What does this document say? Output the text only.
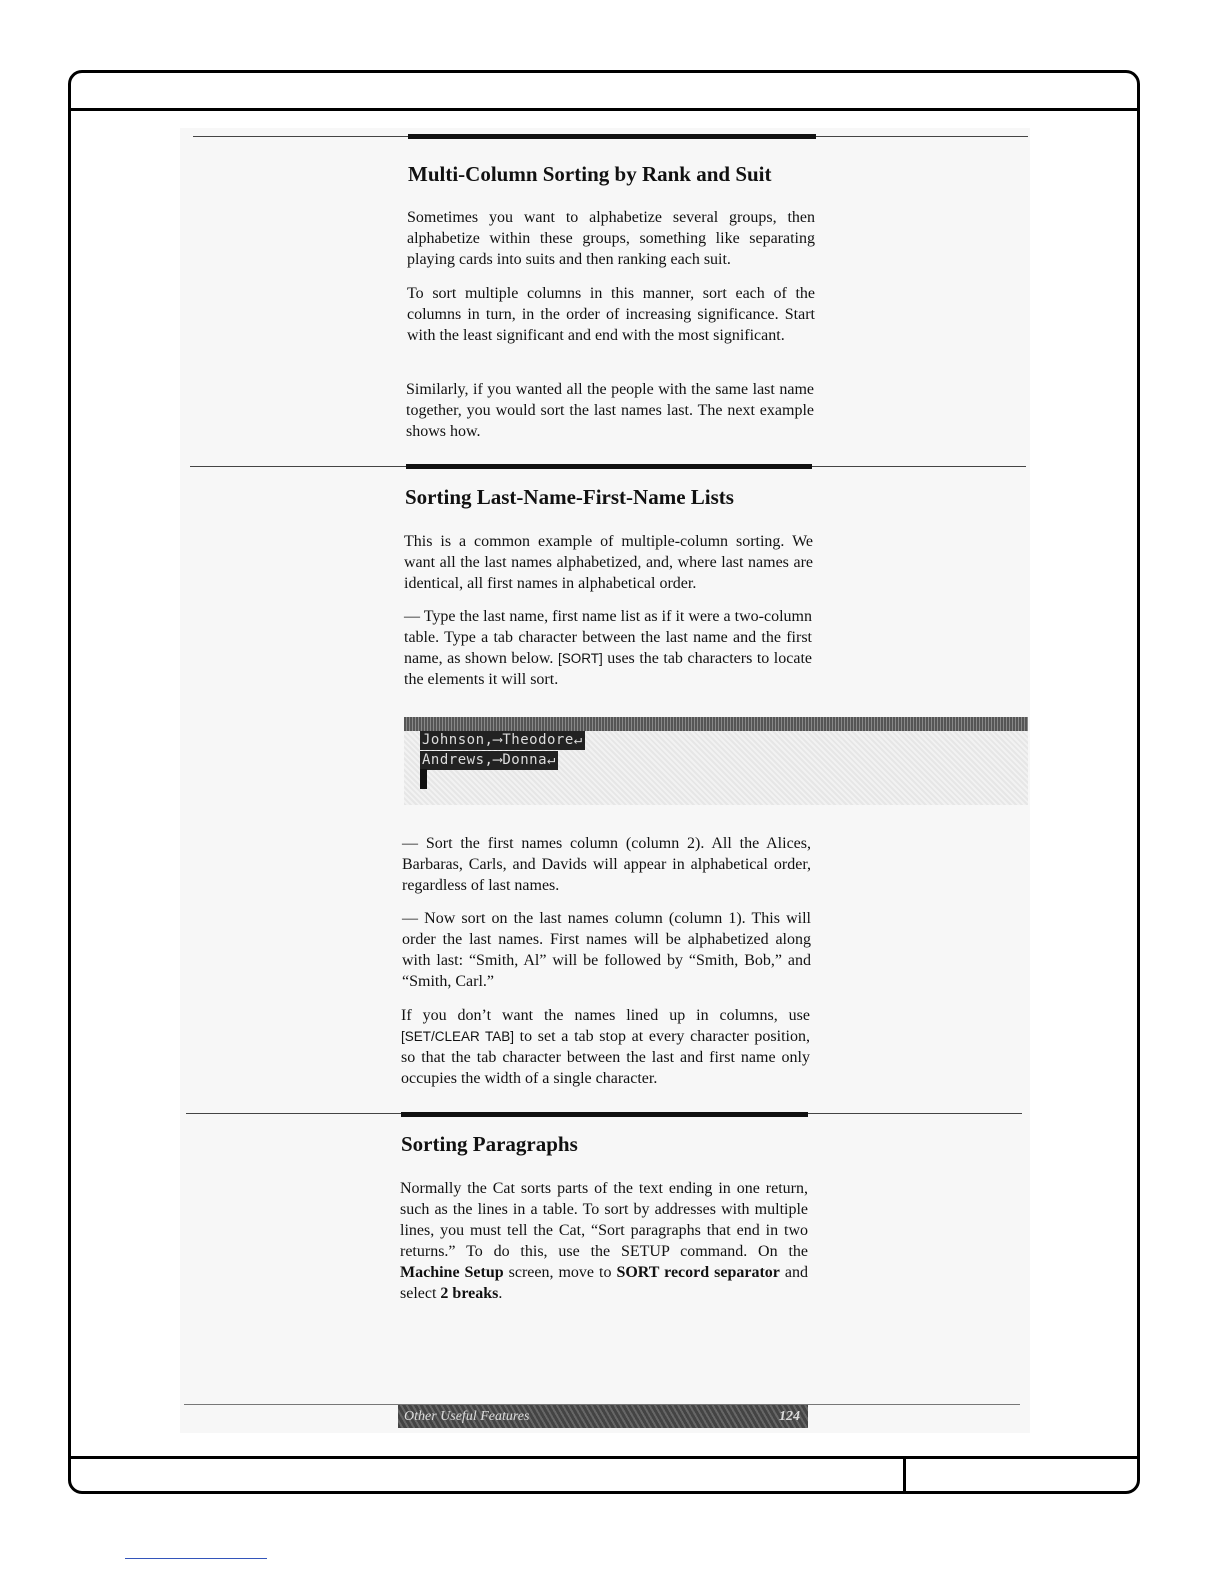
Multi-Column Sorting by Rank and Suit

Sometimes you want to alphabetize several groups, then alphabetize within these groups, something like separating playing cards into suits and then ranking each suit.

To sort multiple columns in this manner, sort each of the columns in turn, in the order of increasing significance. Start with the least significant and end with the most significant.

Similarly, if you wanted all the people with the same last name together, you would sort the last names last. The next example shows how.

Sorting Last-Name-First-Name Lists

This is a common example of multiple-column sorting. We want all the last names alphabetized, and, where last names are identical, all first names in alphabetical order.

— Type the last name, first name list as if it were a two-column table. Type a tab character between the last name and the first name, as shown below. [SORT] uses the tab characters to locate the elements it will sort.

Johnson,⟶Theodore↵
Andrews,⟶Donna↵

— Sort the first names column (column 2). All the Alices, Barbaras, Carls, and Davids will appear in alphabetical order, regardless of last names.

— Now sort on the last names column (column 1). This will order the last names. First names will be alphabetized along with last: “Smith, Al” will be followed by “Smith, Bob,” and “Smith, Carl.”

If you don’t want the names lined up in columns, use [SET/CLEAR TAB] to set a tab stop at every character position, so that the tab character between the last and first name only occupies the width of a single character.

Sorting Paragraphs

Normally the Cat sorts parts of the text ending in one return, such as the lines in a table. To sort by addresses with multiple lines, you must tell the Cat, “Sort paragraphs that end in two returns.” To do this, use the SETUP command. On the Machine Setup screen, move to SORT record separator and select 2 breaks.

Other Useful Features	124
